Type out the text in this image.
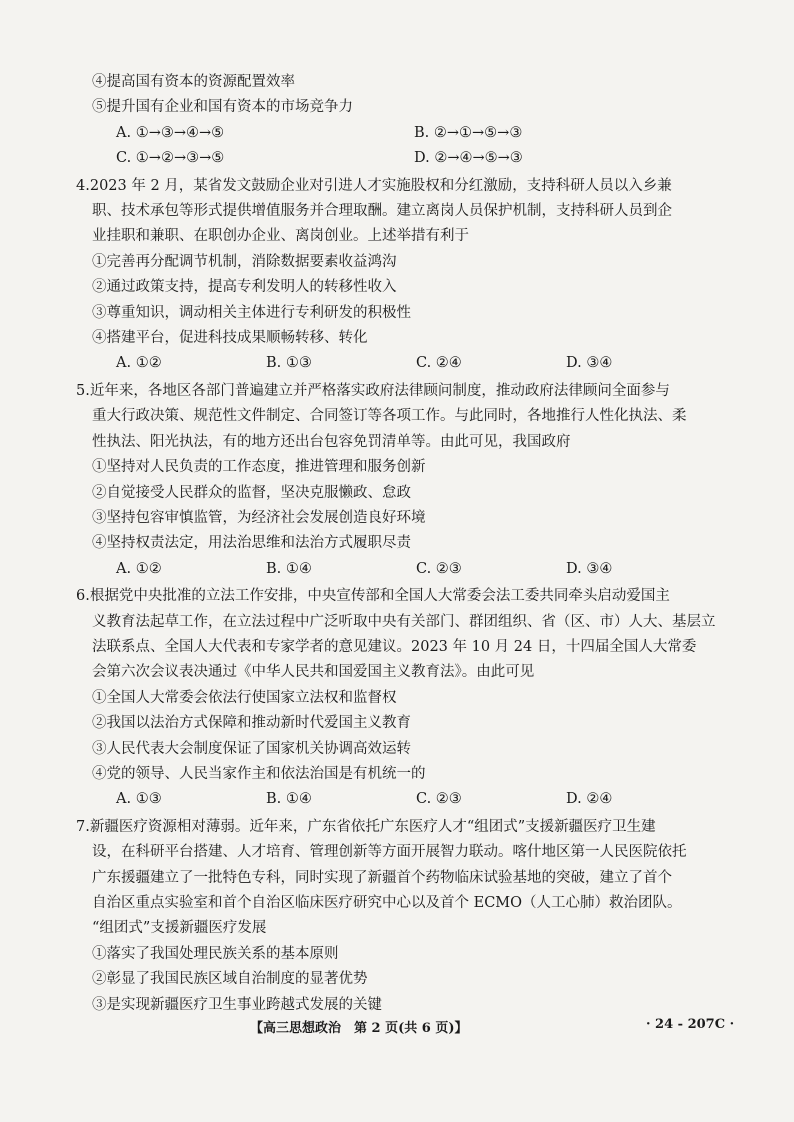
④提高国有资本的资源配置效率
⑤提升国有企业和国有资本的市场竞争力
A. ①→③→④→⑤	B. ②→①→⑤→③
C. ①→②→③→⑤	D. ②→④→⑤→③
4.2023 年 2 月，某省发文鼓励企业对引进人才实施股权和分红激励，支持科研人员以入乡兼
职、技术承包等形式提供增值服务并合理取酬。建立离岗人员保护机制，支持科研人员到企
业挂职和兼职、在职创办企业、离岗创业。上述举措有利于
①完善再分配调节机制，消除数据要素收益鸿沟
②通过政策支持，提高专利发明人的转移性收入
③尊重知识，调动相关主体进行专利研发的积极性
④搭建平台，促进科技成果顺畅转移、转化
A. ①②	B. ①③	C. ②④	D. ③④
5.近年来，各地区各部门普遍建立并严格落实政府法律顾问制度，推动政府法律顾问全面参与
重大行政决策、规范性文件制定、合同签订等各项工作。与此同时，各地推行人性化执法、柔
性执法、阳光执法，有的地方还出台包容免罚清单等。由此可见，我国政府
①坚持对人民负责的工作态度，推进管理和服务创新
②自觉接受人民群众的监督，坚决克服懒政、怠政
③坚持包容审慎监管，为经济社会发展创造良好环境
④坚持权责法定，用法治思维和法治方式履职尽责
A. ①②	B. ①④	C. ②③	D. ③④
6.根据党中央批准的立法工作安排，中央宣传部和全国人大常委会法工委共同牵头启动爱国主
义教育法起草工作，在立法过程中广泛听取中央有关部门、群团组织、省（区、市）人大、基层立
法联系点、全国人大代表和专家学者的意见建议。2023 年 10 月 24 日，十四届全国人大常委
会第六次会议表决通过《中华人民共和国爱国主义教育法》。由此可见
①全国人大常委会依法行使国家立法权和监督权
②我国以法治方式保障和推动新时代爱国主义教育
③人民代表大会制度保证了国家机关协调高效运转
④党的领导、人民当家作主和依法治国是有机统一的
A. ①③	B. ①④	C. ②③	D. ②④
7.新疆医疗资源相对薄弱。近年来，广东省依托广东医疗人才“组团式”支援新疆医疗卫生建
设，在科研平台搭建、人才培育、管理创新等方面开展智力联动。喀什地区第一人民医院依托
广东援疆建立了一批特色专科，同时实现了新疆首个药物临床试验基地的突破，建立了首个
自治区重点实验室和首个自治区临床医疗研究中心以及首个 ECMO（人工心肺）救治团队。
“组团式”支援新疆医疗发展
①落实了我国处理民族关系的基本原则
②彰显了我国民族区域自治制度的显著优势
③是实现新疆医疗卫生事业跨越式发展的关键
【高三思想政治　第 2 页(共 6 页)】	· 24 - 207C ·
